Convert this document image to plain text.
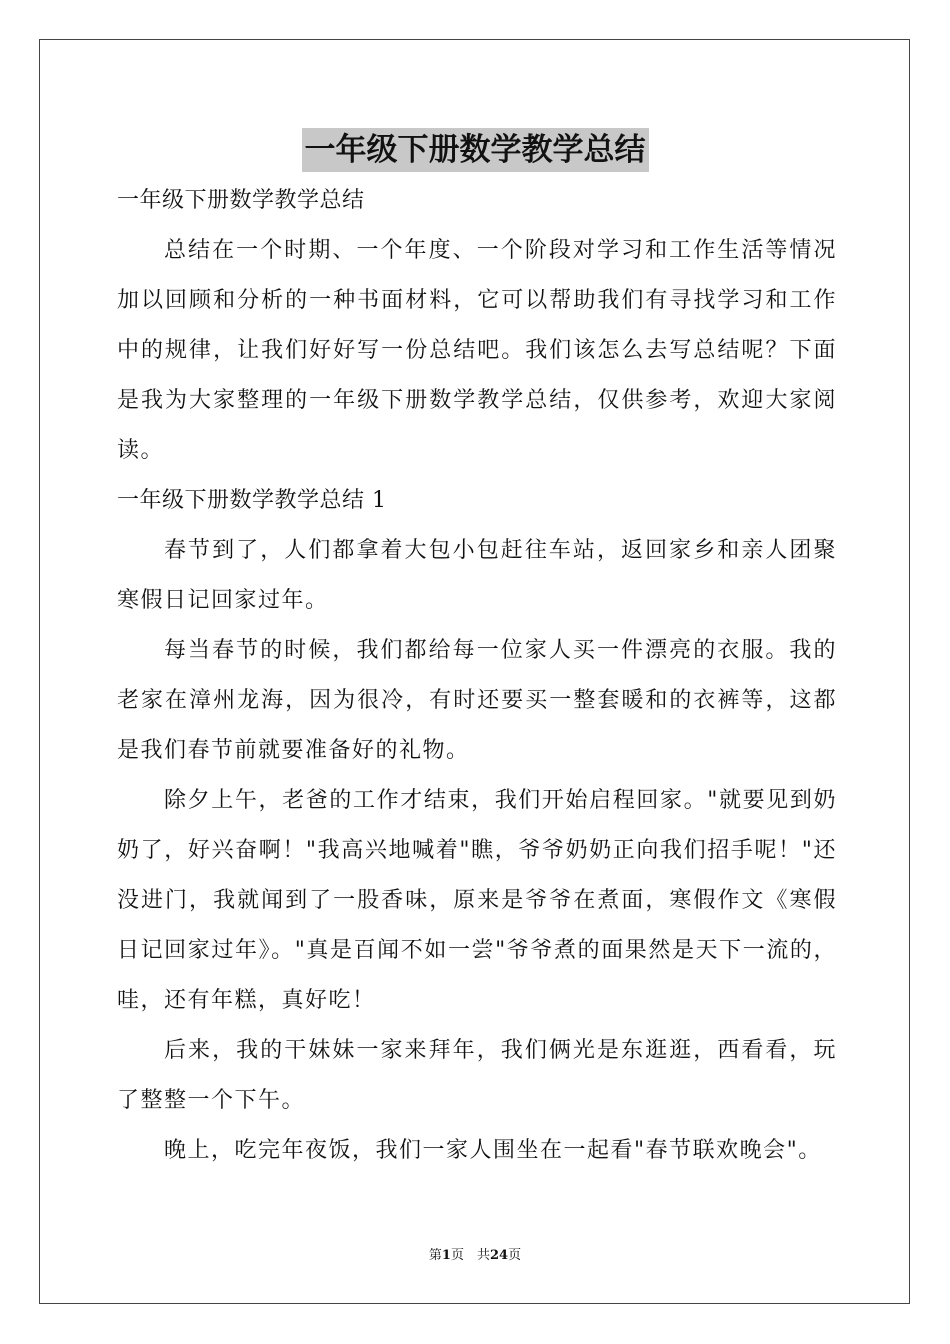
一年级下册数学教学总结

一年级下册数学教学总结

总结在一个时期、一个年度、一个阶段对学习和工作生活等情况加以回顾和分析的一种书面材料，它可以帮助我们有寻找学习和工作中的规律，让我们好好写一份总结吧。我们该怎么去写总结呢？下面是我为大家整理的一年级下册数学教学总结，仅供参考，欢迎大家阅读。

一年级下册数学教学总结 1

春节到了，人们都拿着大包小包赶往车站，返回家乡和亲人团聚寒假日记回家过年。

每当春节的时候，我们都给每一位家人买一件漂亮的衣服。我的老家在漳州龙海，因为很冷，有时还要买一整套暖和的衣裤等，这都是我们春节前就要准备好的礼物。

除夕上午，老爸的工作才结束，我们开始启程回家。"就要见到奶奶了，好兴奋啊！"我高兴地喊着"瞧，爷爷奶奶正向我们招手呢！"还没进门，我就闻到了一股香味，原来是爷爷在煮面，寒假作文《寒假日记回家过年》。"真是百闻不如一尝"爷爷煮的面果然是天下一流的，哇，还有年糕，真好吃！

后来，我的干妹妹一家来拜年，我们俩光是东逛逛，西看看，玩了整整一个下午。

晚上，吃完年夜饭，我们一家人围坐在一起看"春节联欢晚会"。

第1页　共24页
